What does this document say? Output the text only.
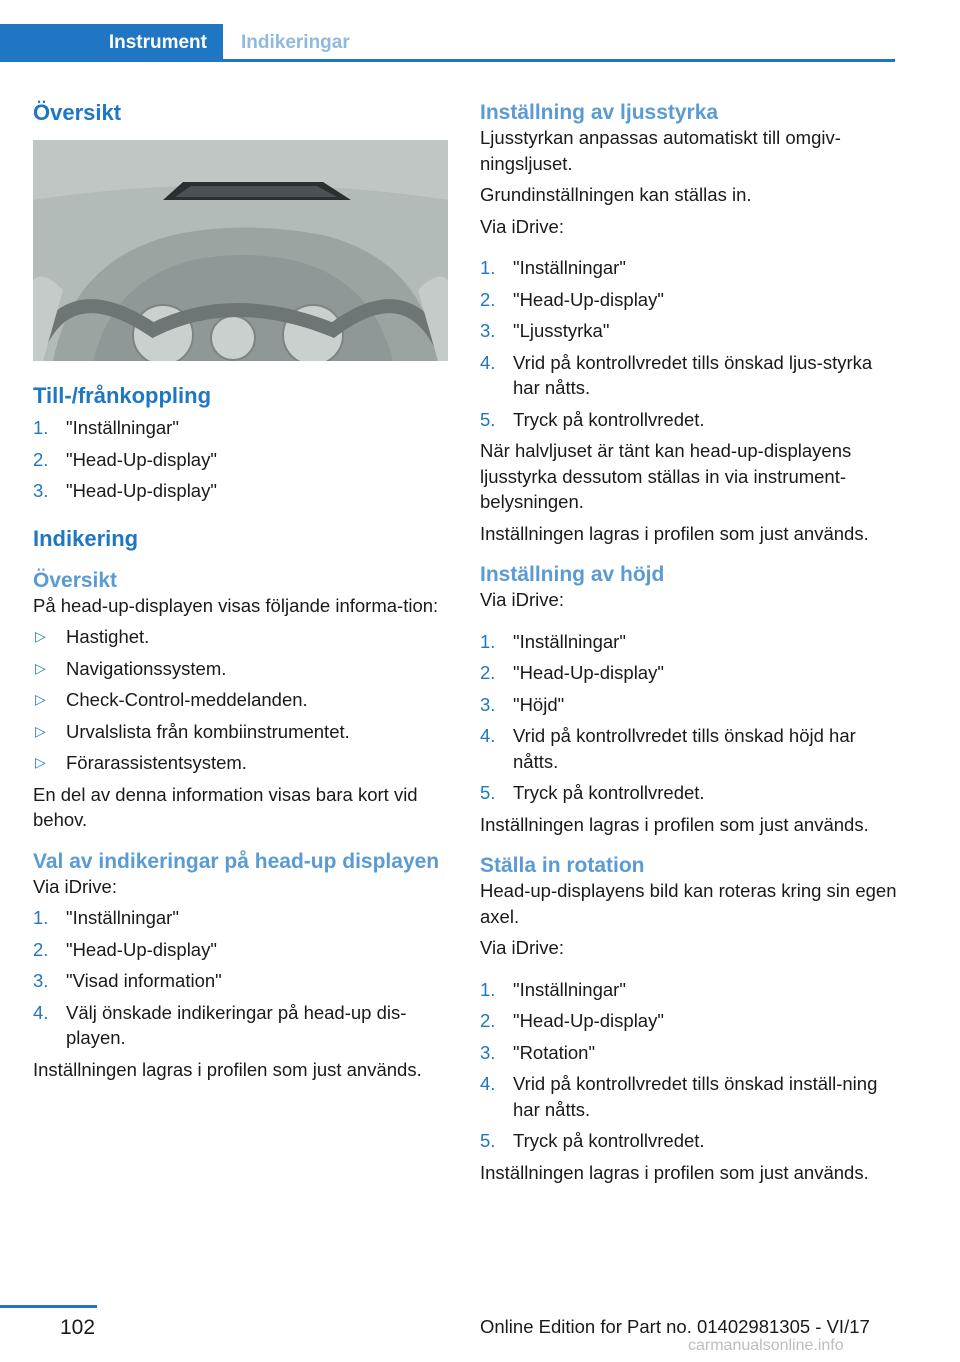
Instrument Indikeringar
Översikt
Till-/frånkoppling
1. "Inställningar"
2. "Head-Up-display"
3. "Head-Up-display"
Indikering
Översikt

På head-up-displayen visas följande informa-tion:

▷ Hastighet.
▷ Navigationssystem.
▷ Check-Control-meddelanden.
▷ Urvalslista från kombiinstrumentet.
▷ Förarassistentsystem.

En del av denna information visas bara kort vid behov.

Val av indikeringar på head-up displayen

Via iDrive:

1. "Inställningar"
2. "Head-Up-display"
3. "Visad information"
4. Välj önskade indikeringar på head-up dis-playen.

Inställningen lagras i profilen som just används.

Inställning av ljusstyrka

Ljusstyrkan anpassas automatiskt till omgiv-ningsljuset.

Grundinställningen kan ställas in.

Via iDrive:

1. "Inställningar"
2. "Head-Up-display"
3. "Ljusstyrka"
4. Vrid på kontrollvredet tills önskad ljus-styrka har nåtts.
5. Tryck på kontrollvredet.

När halvljuset är tänt kan head-up-displayens ljusstyrka dessutom ställas in via instrument-belysningen.

Inställningen lagras i profilen som just används.

Inställning av höjd

Via iDrive:

1. "Inställningar"
2. "Head-Up-display"
3. "Höjd"
4. Vrid på kontrollvredet tills önskad höjd har nåtts.
5. Tryck på kontrollvredet.

Inställningen lagras i profilen som just används.

Ställa in rotation

Head-up-displayens bild kan roteras kring sin egen axel.

Via iDrive:

1. "Inställningar"
2. "Head-Up-display"
3. "Rotation"
4. Vrid på kontrollvredet tills önskad inställ-ning har nåtts.
5. Tryck på kontrollvredet.

Inställningen lagras i profilen som just används.

102	Online Edition for Part no. 01402981305 - VI/17
carmanualsonline.info
